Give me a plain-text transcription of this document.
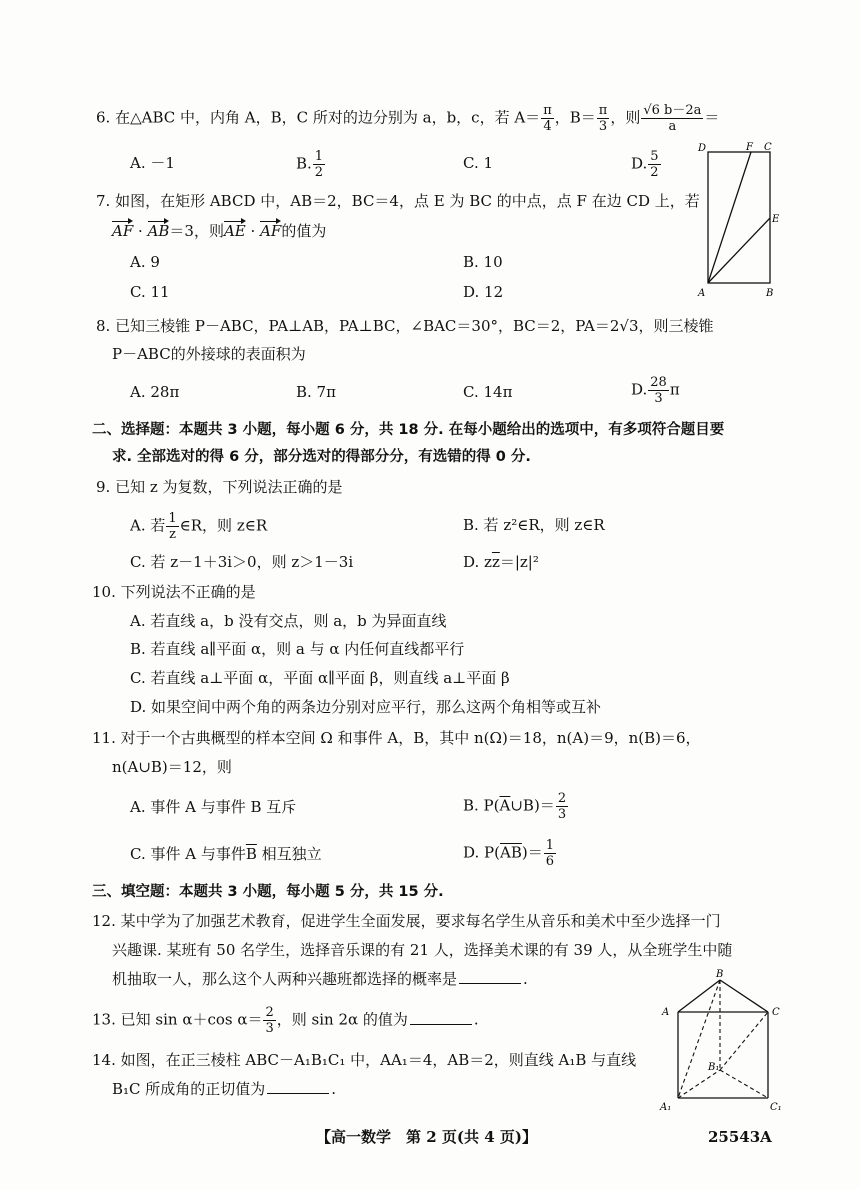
6. 在△ABC 中，内角 A，B，C 所对的边分别为 a，b，c，若 $A= \frac{\pi}{4}$ ，$B= \frac{\pi}{3}$ ，则 $\frac{√6 b-2a}{a}$ ＝
A. －1	B. $\frac{1}{2}$	C. 1	D. $\frac{5}{2}$
7. 如图，在矩形 ABCD 中，AB＝2，BC＝4，点 E 为 BC 的中点，点 F 在边 CD 上，若
AF · AB＝3，则AE · AF的值为
A. 9	B. 10
C. 11	D. 12
D	F C
E
A	B
8. 已知三棱锥 P－ABC，PA⊥AB，PA⊥BC，∠BAC＝30°，BC＝2，PA＝2√3，则三棱锥
P－ABC的外接球的表面积为
A. 28π	B. 7π	C. 14π	D. $\frac{28}{3}$ π
二、选择题：本题共 3 小题，每小题 6 分，共 18 分. 在每小题给出的选项中，有多项符合题目要
求. 全部选对的得 6 分，部分选对的得部分分，有选错的得 0 分.
9. 已知 z 为复数，下列说法正确的是
A. 若 $\frac{1}{z}$ ∈R，则 z∈R	B. 若 z²∈R，则 z∈R
C. 若 z－1＋3i＞0，则 z＞1－3i	D. $z\overline{z}=|z|^2$
10. 下列说法不正确的是
A. 若直线 a，b 没有交点，则 a，b 为异面直线
B. 若直线 a∥平面 α，则 a 与 α 内任何直线都平行
C. 若直线 a⊥平面 α，平面 α∥平面 β，则直线 a⊥平面 β
D. 如果空间中两个角的两条边分别对应平行，那么这两个角相等或互补
11. 对于一个古典概型的样本空间 Ω 和事件 A，B，其中 n(Ω)＝18，n(A)＝9，n(B)＝6，
n(A∪B)＝12，则
A. 事件 A 与事件 B 互斥	B. $P(\overline{A}\cup B)= \frac{2}{3}$
C. 事件 A 与事件$\overline{B}$ 相互独立	D. $P(\overline{AB})= \frac{1}{6}$
三、填空题：本题共 3 小题，每小题 5 分，共 15 分.
12. 某中学为了加强艺术教育，促进学生全面发展，要求每名学生从音乐和美术中至少选择一门
兴趣课. 某班有 50 名学生，选择音乐课的有 21 人，选择美术课的有 39 人，从全班学生中随
机抽取一人，那么这个人两种兴趣班都选择的概率是	.
13. 已知 sin α＋cos $\alpha= \frac{2}{3}$ ，则 sin 2α 的值为	.
14. 如图，在正三棱柱 ABC－A₁B₁C₁ 中，AA₁＝4，AB＝2，则直线 A₁B 与直线
B₁C 所成角的正切值为	.
B
A	C
B₁
A₁	C₁
【高一数学　第 2 页(共 4 页)】	25543A
